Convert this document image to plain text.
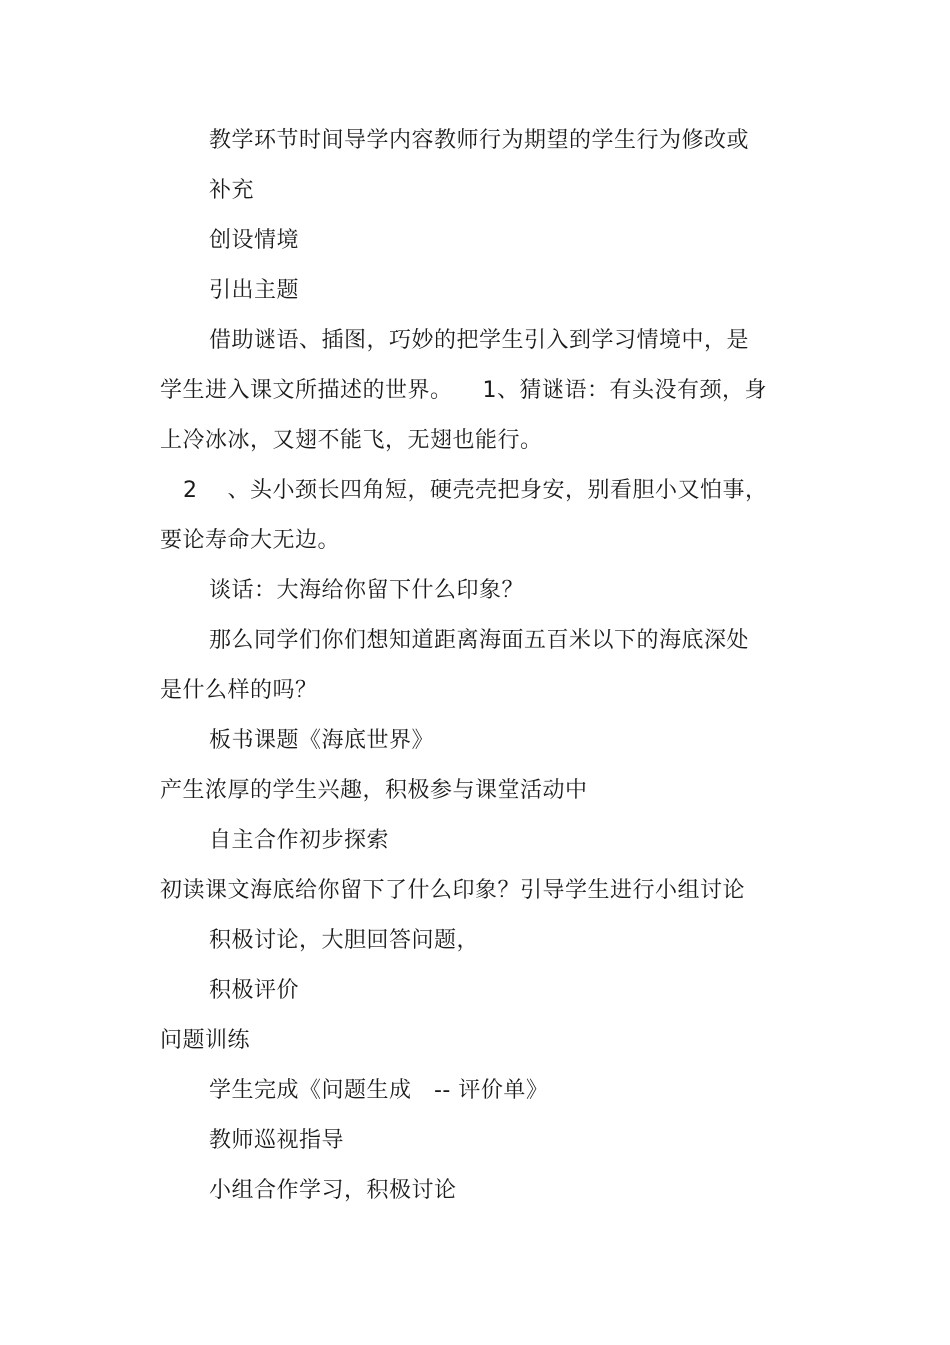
教学环节时间导学内容教师行为期望的学生行为修改或
补充
创设情境
引出主题
借助谜语、插图，巧妙的把学生引入到学习情境中，是
学生进入课文所描述的世界。    1、猜谜语：有头没有颈，身
上冷冰冰，又翅不能飞，无翅也能行。
2    、头小颈长四角短，硬壳壳把身安，别看胆小又怕事，
要论寿命大无边。
谈话：大海给你留下什么印象？
那么同学们你们想知道距离海面五百米以下的海底深处
是什么样的吗？
板书课题《海底世界》
产生浓厚的学生兴趣，积极参与课堂活动中
自主合作初步探索
初读课文海底给你留下了什么印象？引导学生进行小组讨论
积极讨论，大胆回答问题，
积极评价
问题训练
学生完成《问题生成   -- 评价单》
教师巡视指导
小组合作学习，积极讨论
